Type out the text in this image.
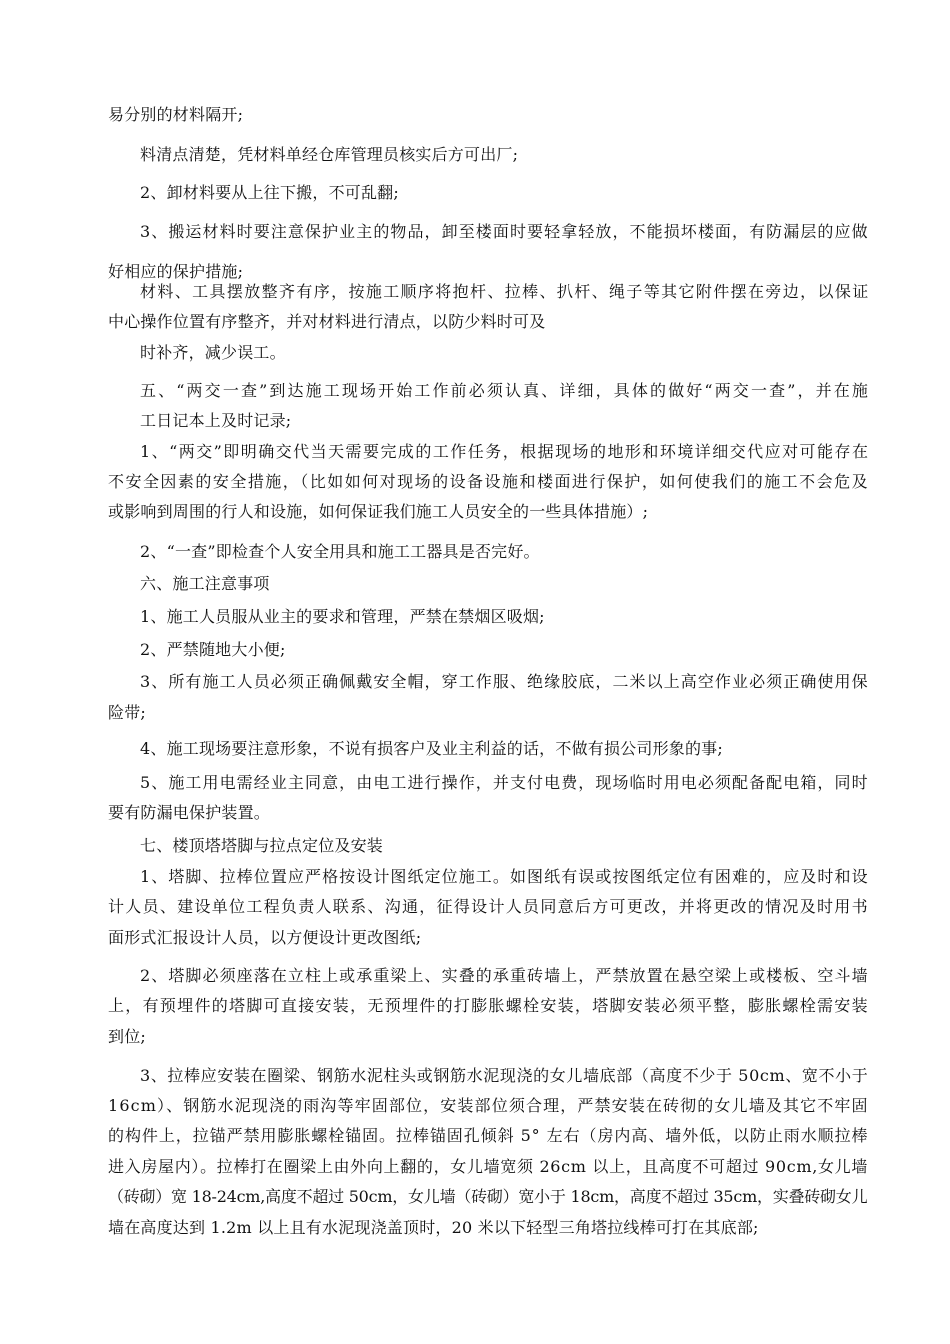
易分别的材料隔开;
料清点清楚，凭材料单经仓库管理员核实后方可出厂;
2、卸材料要从上往下搬，不可乱翻;
3、搬运材料时要注意保护业主的物品，卸至楼面时要轻拿轻放，不能损坏楼面，有防漏层的应做
好相应的保护措施;
材料、工具摆放整齐有序，按施工顺序将抱杆、拉棒、扒杆、绳子等其它附件摆在旁边，以保证
中心操作位置有序整齐，并对材料进行清点，以防少料时可及
时补齐，减少误工。
五、“两交一查”到达施工现场开始工作前必须认真、详细，具体的做好“两交一查”，并在施
工日记本上及时记录;
1、“两交”即明确交代当天需要完成的工作任务，根据现场的地形和环境详细交代应对可能存在
不安全因素的安全措施，（比如如何对现场的设备设施和楼面进行保护，如何使我们的施工不会危及
或影响到周围的行人和设施，如何保证我们施工人员安全的一些具体措施）;
2、“一查”即检查个人安全用具和施工工器具是否完好。
六、施工注意事项
1、施工人员服从业主的要求和管理，严禁在禁烟区吸烟;
2、严禁随地大小便;
3、所有施工人员必须正确佩戴安全帽，穿工作服、绝缘胶底，二米以上高空作业必须正确使用保
险带;
4、施工现场要注意形象，不说有损客户及业主利益的话，不做有损公司形象的事;
5、施工用电需经业主同意，由电工进行操作，并支付电费，现场临时用电必须配备配电箱，同时
要有防漏电保护装置。
七、楼顶塔塔脚与拉点定位及安装
1、塔脚、拉棒位置应严格按设计图纸定位施工。如图纸有误或按图纸定位有困难的，应及时和设
计人员、建设单位工程负责人联系、沟通，征得设计人员同意后方可更改，并将更改的情况及时用书
面形式汇报设计人员，以方便设计更改图纸;
2、塔脚必须座落在立柱上或承重梁上、实叠的承重砖墙上，严禁放置在悬空梁上或楼板、空斗墙
上，有预埋件的塔脚可直接安装，无预埋件的打膨胀螺栓安装，塔脚安装必须平整，膨胀螺栓需安装
到位;
3、拉棒应安装在圈梁、钢筋水泥柱头或钢筋水泥现浇的女儿墙底部（高度不少于 50cm、宽不小于
16cm）、钢筋水泥现浇的雨沟等牢固部位，安装部位须合理，严禁安装在砖彻的女儿墙及其它不牢固
的构件上，拉锚严禁用膨胀螺栓锚固。拉棒锚固孔倾斜 5° 左右（房内高、墙外低，以防止雨水顺拉棒
进入房屋内）。拉棒打在圈梁上由外向上翻的，女儿墙宽须 26cm 以上，且高度不可超过 90cm,女儿墙
（砖砌）宽 18-24cm,高度不超过 50cm，女儿墙（砖砌）宽小于 18cm，高度不超过 35cm，实叠砖砌女儿
墙在高度达到 1.2m 以上且有水泥现浇盖顶时，20 米以下轻型三角塔拉线棒可打在其底部;
